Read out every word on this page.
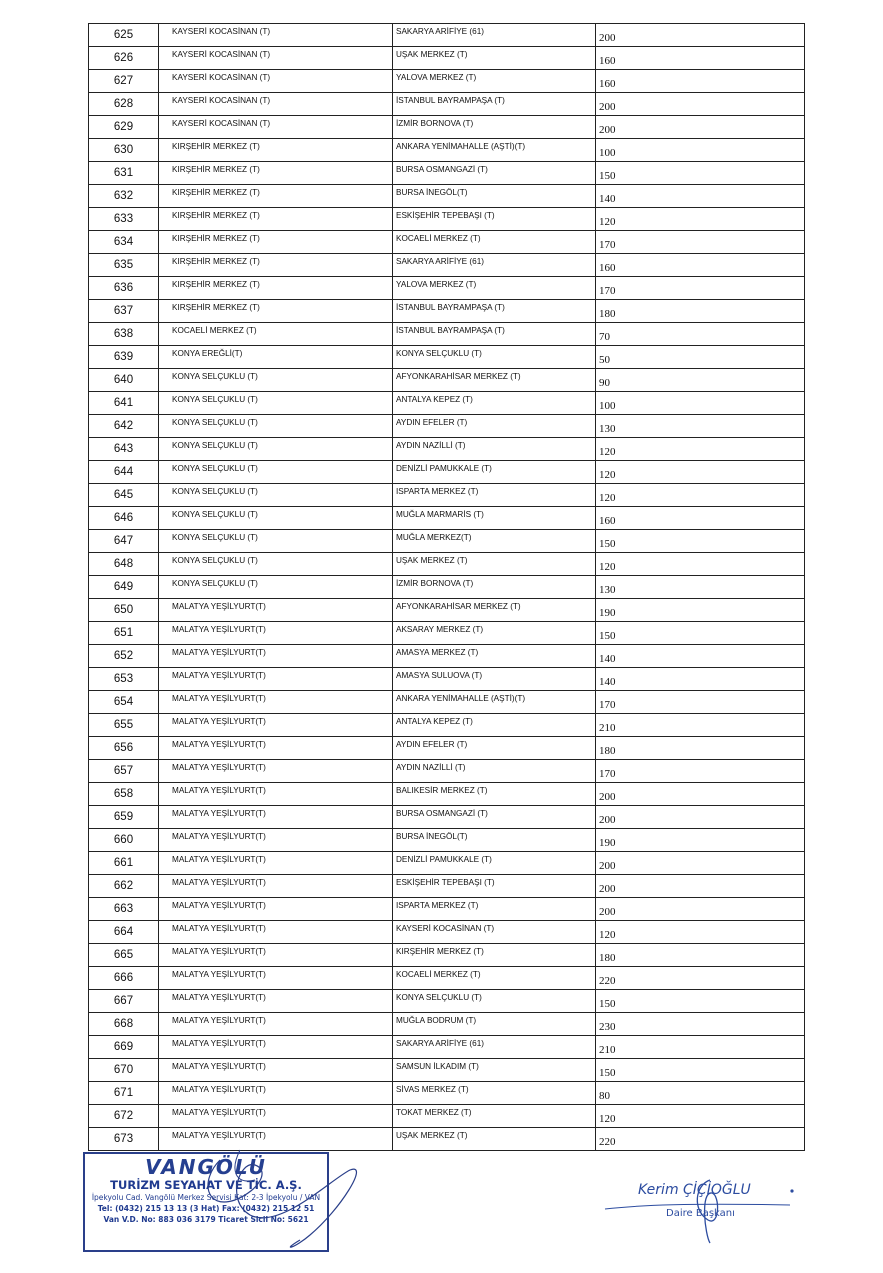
625	KAYSERİ KOCASİNAN (T)	SAKARYA ARİFİYE (61)	200
626	KAYSERİ KOCASİNAN (T)	UŞAK MERKEZ (T)	160
627	KAYSERİ KOCASİNAN (T)	YALOVA MERKEZ (T)	160
628	KAYSERİ KOCASİNAN (T)	İSTANBUL BAYRAMPAŞA (T)	200
629	KAYSERİ KOCASİNAN (T)	İZMİR BORNOVA (T)	200
630	KIRŞEHİR MERKEZ (T)	ANKARA YENİMAHALLE (AŞTİ)(T)	100
631	KIRŞEHİR MERKEZ (T)	BURSA OSMANGAZİ (T)	150
632	KIRŞEHİR MERKEZ (T)	BURSA İNEGÖL(T)	140
633	KIRŞEHİR MERKEZ (T)	ESKİŞEHİR TEPEBAŞI (T)	120
634	KIRŞEHİR MERKEZ (T)	KOCAELİ MERKEZ (T)	170
635	KIRŞEHİR MERKEZ (T)	SAKARYA ARİFİYE (61)	160
636	KIRŞEHİR MERKEZ (T)	YALOVA MERKEZ (T)	170
637	KIRŞEHİR MERKEZ (T)	İSTANBUL BAYRAMPAŞA (T)	180
638	KOCAELİ MERKEZ (T)	İSTANBUL BAYRAMPAŞA (T)	70
639	KONYA EREĞLİ(T)	KONYA SELÇUKLU (T)	50
640	KONYA SELÇUKLU (T)	AFYONKARAHİSAR MERKEZ (T)	90
641	KONYA SELÇUKLU (T)	ANTALYA KEPEZ (T)	100
642	KONYA SELÇUKLU (T)	AYDIN EFELER (T)	130
643	KONYA SELÇUKLU (T)	AYDIN NAZİLLİ (T)	120
644	KONYA SELÇUKLU (T)	DENİZLİ PAMUKKALE (T)	120
645	KONYA SELÇUKLU (T)	ISPARTA MERKEZ (T)	120
646	KONYA SELÇUKLU (T)	MUĞLA MARMARİS (T)	160
647	KONYA SELÇUKLU (T)	MUĞLA MERKEZ(T)	150
648	KONYA SELÇUKLU (T)	UŞAK MERKEZ (T)	120
649	KONYA SELÇUKLU (T)	İZMİR BORNOVA (T)	130
650	MALATYA YEŞİLYURT(T)	AFYONKARAHİSAR MERKEZ (T)	190
651	MALATYA YEŞİLYURT(T)	AKSARAY MERKEZ (T)	150
652	MALATYA YEŞİLYURT(T)	AMASYA MERKEZ (T)	140
653	MALATYA YEŞİLYURT(T)	AMASYA SULUOVA (T)	140
654	MALATYA YEŞİLYURT(T)	ANKARA YENİMAHALLE (AŞTİ)(T)	170
655	MALATYA YEŞİLYURT(T)	ANTALYA KEPEZ (T)	210
656	MALATYA YEŞİLYURT(T)	AYDIN EFELER (T)	180
657	MALATYA YEŞİLYURT(T)	AYDIN NAZİLLİ (T)	170
658	MALATYA YEŞİLYURT(T)	BALIKESİR MERKEZ (T)	200
659	MALATYA YEŞİLYURT(T)	BURSA OSMANGAZİ (T)	200
660	MALATYA YEŞİLYURT(T)	BURSA İNEGÖL(T)	190
661	MALATYA YEŞİLYURT(T)	DENİZLİ PAMUKKALE (T)	200
662	MALATYA YEŞİLYURT(T)	ESKİŞEHİR TEPEBAŞI (T)	200
663	MALATYA YEŞİLYURT(T)	ISPARTA MERKEZ (T)	200
664	MALATYA YEŞİLYURT(T)	KAYSERİ KOCASİNAN (T)	120
665	MALATYA YEŞİLYURT(T)	KIRŞEHİR MERKEZ (T)	180
666	MALATYA YEŞİLYURT(T)	KOCAELİ MERKEZ (T)	220
667	MALATYA YEŞİLYURT(T)	KONYA SELÇUKLU (T)	150
668	MALATYA YEŞİLYURT(T)	MUĞLA BODRUM (T)	230
669	MALATYA YEŞİLYURT(T)	SAKARYA ARİFİYE (61)	210
670	MALATYA YEŞİLYURT(T)	SAMSUN İLKADIM (T)	150
671	MALATYA YEŞİLYURT(T)	SİVAS MERKEZ (T)	80
672	MALATYA YEŞİLYURT(T)	TOKAT MERKEZ (T)	120
673	MALATYA YEŞİLYURT(T)	UŞAK MERKEZ (T)	220
VANGÖLÜ
TURİZM SEYAHAT VE TİC. A.Ş.
İpekyolu Cad. Vangölü Merkez Servisi Kat: 2-3 İpekyolu / VAN
Tel: (0432) 215 13 13 (3 Hat) Fax: (0432) 215 12 51
Van V.D. No: 883 036 3179 Ticaret Sicil No: 5621
Kerim ÇİÇİOĞLU
Daire Başkanı
